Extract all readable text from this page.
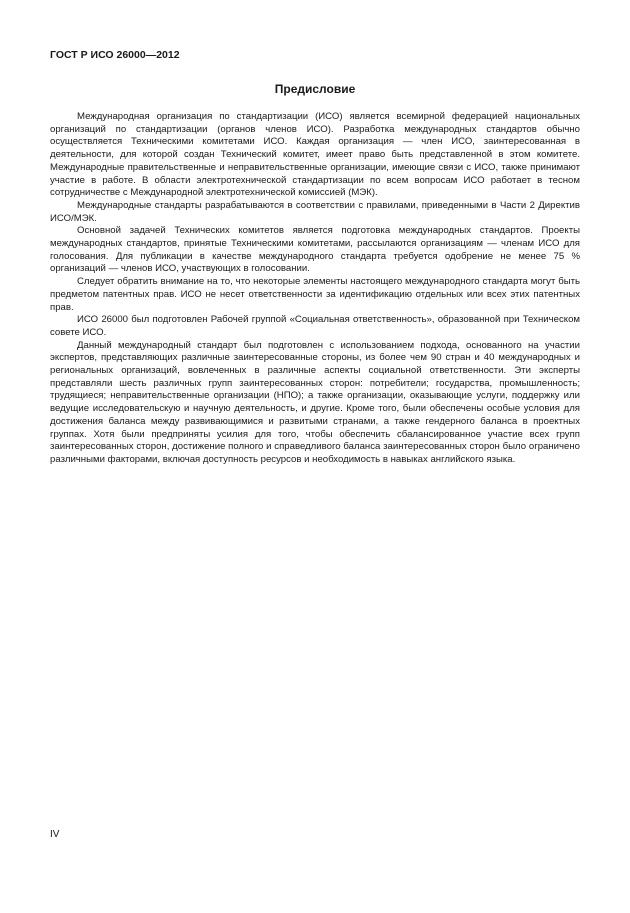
ГОСТ Р ИСО 26000—2012
Предисловие

Международная организация по стандартизации (ИСО) является всемирной федерацией национальных организаций по стандартизации (органов членов ИСО). Разработка международных стандартов обычно осуществляется Техническими комитетами ИСО. Каждая организация — член ИСО, заинтересованная в деятельности, для которой создан Технический комитет, имеет право быть представленной в этом комитете. Международные правительственные и неправительственные организации, имеющие связи с ИСО, также принимают участие в работе. В области электротехнической стандартизации по всем вопросам ИСО работает в тесном сотрудничестве с Международной электротехнической комиссией (МЭК).

Международные стандарты разрабатываются в соответствии с правилами, приведенными в Части 2 Директив ИСО/МЭК.

Основной задачей Технических комитетов является подготовка международных стандартов. Проекты международных стандартов, принятые Техническими комитетами, рассылаются организациям — членам ИСО для голосования. Для публикации в качестве международного стандарта требуется одобрение не менее 75 % организаций — членов ИСО, участвующих в голосовании.

Следует обратить внимание на то, что некоторые элементы настоящего международного стандарта могут быть предметом патентных прав. ИСО не несет ответственности за идентификацию отдельных или всех этих патентных прав.

ИСО 26000 был подготовлен Рабочей группой «Социальная ответственность», образованной при Техническом совете ИСО.

Данный международный стандарт был подготовлен с использованием подхода, основанного на участии экспертов, представляющих различные заинтересованные стороны, из более чем 90 стран и 40 международных и региональных организаций, вовлеченных в различные аспекты социальной ответственности. Эти эксперты представляли шесть различных групп заинтересованных сторон: потребители; государства, промышленность; трудящиеся; неправительственные организации (НПО); а также организации, оказывающие услуги, поддержку или ведущие исследовательскую и научную деятельность, и другие. Кроме того, были обеспечены особые условия для достижения баланса между развивающимися и развитыми странами, а также гендерного баланса в проектных группах. Хотя были предприняты усилия для того, чтобы обеспечить сбалансированное участие всех групп заинтересованных сторон, достижение полного и справедливого баланса заинтересованных сторон было ограничено различными факторами, включая доступность ресурсов и необходимость в навыках английского языка.

IV
